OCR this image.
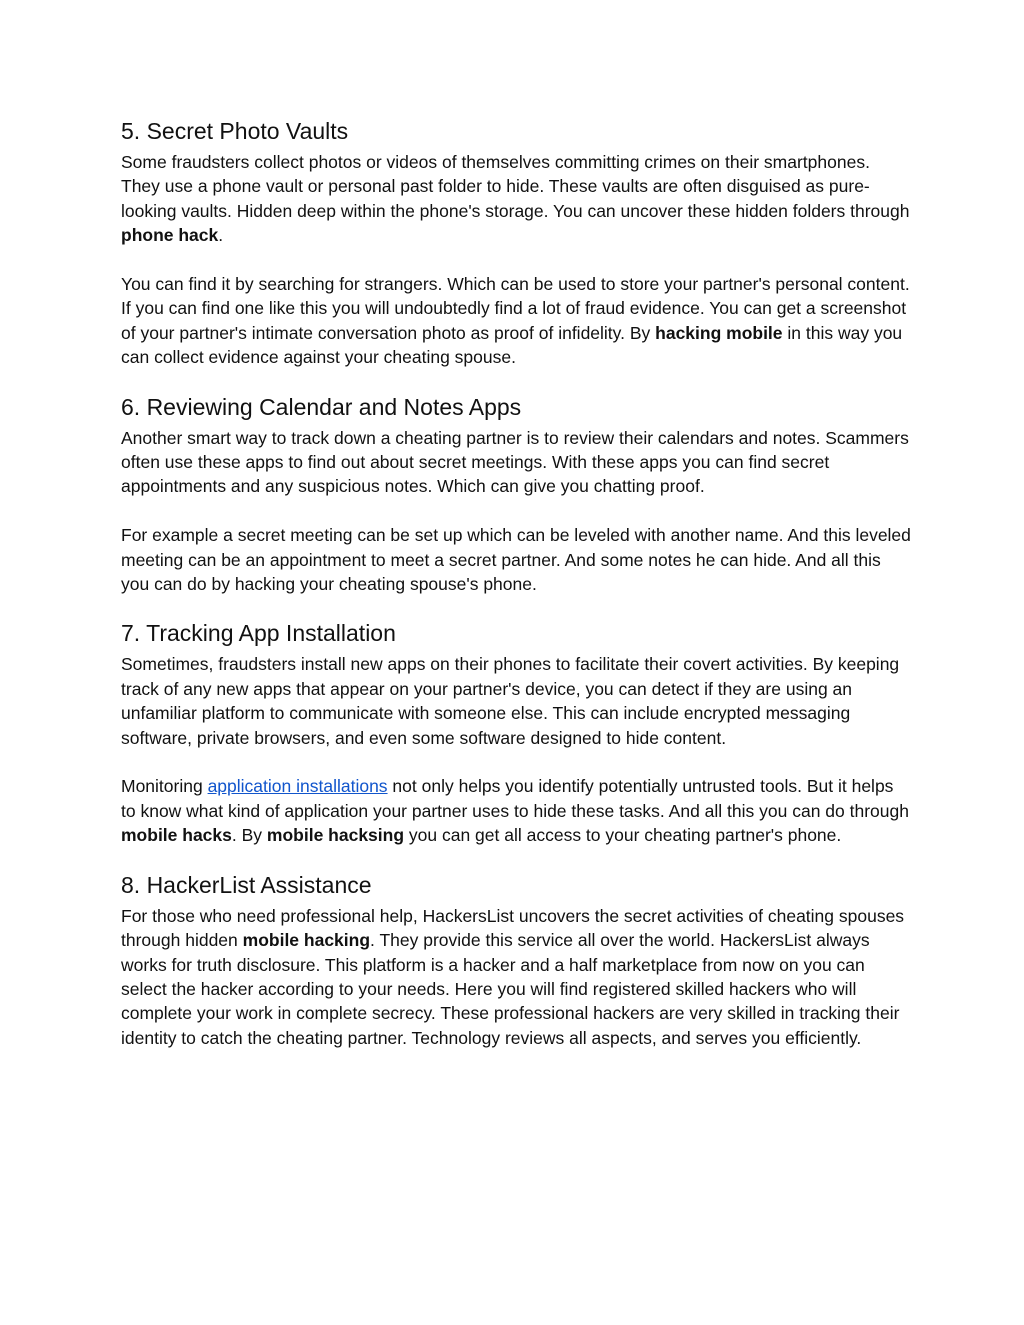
5. Secret Photo Vaults

Some fraudsters collect photos or videos of themselves committing crimes on their smartphones. They use a phone vault or personal past folder to hide. These vaults are often disguised as pure-looking vaults. Hidden deep within the phone's storage. You can uncover these hidden folders through phone hack.

You can find it by searching for strangers. Which can be used to store your partner's personal content. If you can find one like this you will undoubtedly find a lot of fraud evidence. You can get a screenshot of your partner's intimate conversation photo as proof of infidelity. By hacking mobile in this way you can collect evidence against your cheating spouse.

6. Reviewing Calendar and Notes Apps

Another smart way to track down a cheating partner is to review their calendars and notes. Scammers often use these apps to find out about secret meetings. With these apps you can find secret appointments and any suspicious notes. Which can give you chatting proof.

For example a secret meeting can be set up which can be leveled with another name. And this leveled meeting can be an appointment to meet a secret partner. And some notes he can hide. And all this you can do by hacking your cheating spouse's phone.

7. Tracking App Installation

Sometimes, fraudsters install new apps on their phones to facilitate their covert activities. By keeping track of any new apps that appear on your partner's device, you can detect if they are using an unfamiliar platform to communicate with someone else. This can include encrypted messaging software, private browsers, and even some software designed to hide content.

Monitoring application installations not only helps you identify potentially untrusted tools. But it helps to know what kind of application your partner uses to hide these tasks. And all this you can do through mobile hacks. By mobile hacksing you can get all access to your cheating partner's phone.

8. HackerList Assistance

For those who need professional help, HackersList uncovers the secret activities of cheating spouses through hidden mobile hacking. They provide this service all over the world. HackersList always works for truth disclosure. This platform is a hacker and a half marketplace from now on you can select the hacker according to your needs. Here you will find registered skilled hackers who will complete your work in complete secrecy. These professional hackers are very skilled in tracking their identity to catch the cheating partner. Technology reviews all aspects, and serves you efficiently.
